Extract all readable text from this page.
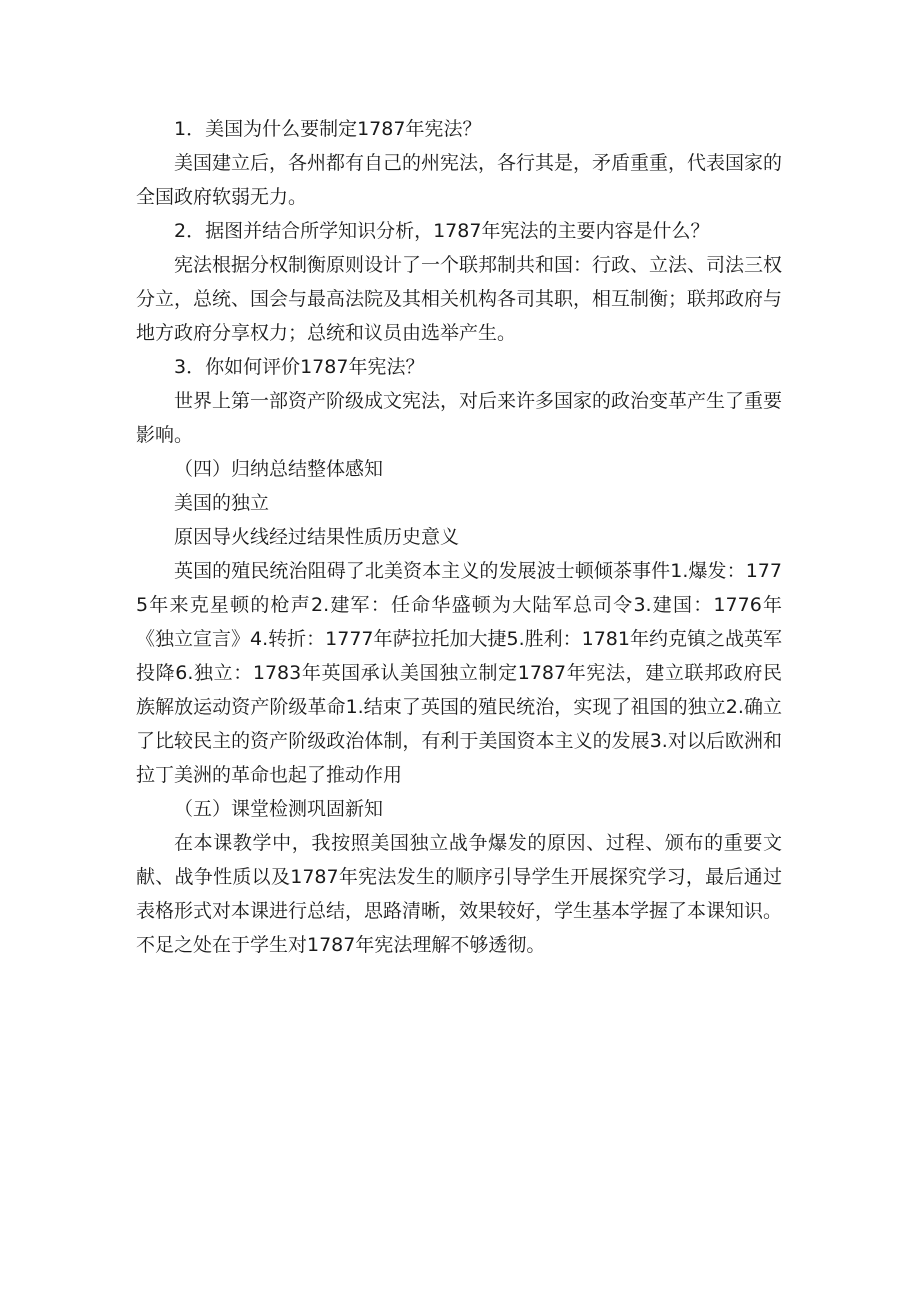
1．美国为什么要制定1787年宪法？

美国建立后，各州都有自己的州宪法，各行其是，矛盾重重，代表国家的全国政府软弱无力。

2．据图并结合所学知识分析，1787年宪法的主要内容是什么？

宪法根据分权制衡原则设计了一个联邦制共和国：行政、立法、司法三权分立，总统、国会与最高法院及其相关机构各司其职，相互制衡；联邦政府与地方政府分享权力；总统和议员由选举产生。

3．你如何评价1787年宪法？

世界上第一部资产阶级成文宪法，对后来许多国家的政治变革产生了重要影响。

（四）归纳总结整体感知

美国的独立

原因导火线经过结果性质历史意义

英国的殖民统治阻碍了北美资本主义的发展波士顿倾茶事件1.爆发：1775年来克星顿的枪声2.建军：任命华盛顿为大陆军总司令3.建国：1776年《独立宣言》4.转折：1777年萨拉托加大捷5.胜利：1781年约克镇之战英军投降6.独立：1783年英国承认美国独立制定1787年宪法，建立联邦政府民族解放运动资产阶级革命1.结束了英国的殖民统治，实现了祖国的独立2.确立了比较民主的资产阶级政治体制，有利于美国资本主义的发展3.对以后欧洲和拉丁美洲的革命也起了推动作用

（五）课堂检测巩固新知

在本课教学中，我按照美国独立战争爆发的原因、过程、颁布的重要文献、战争性质以及1787年宪法发生的顺序引导学生开展探究学习，最后通过表格形式对本课进行总结，思路清晰，效果较好，学生基本学握了本课知识。不足之处在于学生对1787年宪法理解不够透彻。
